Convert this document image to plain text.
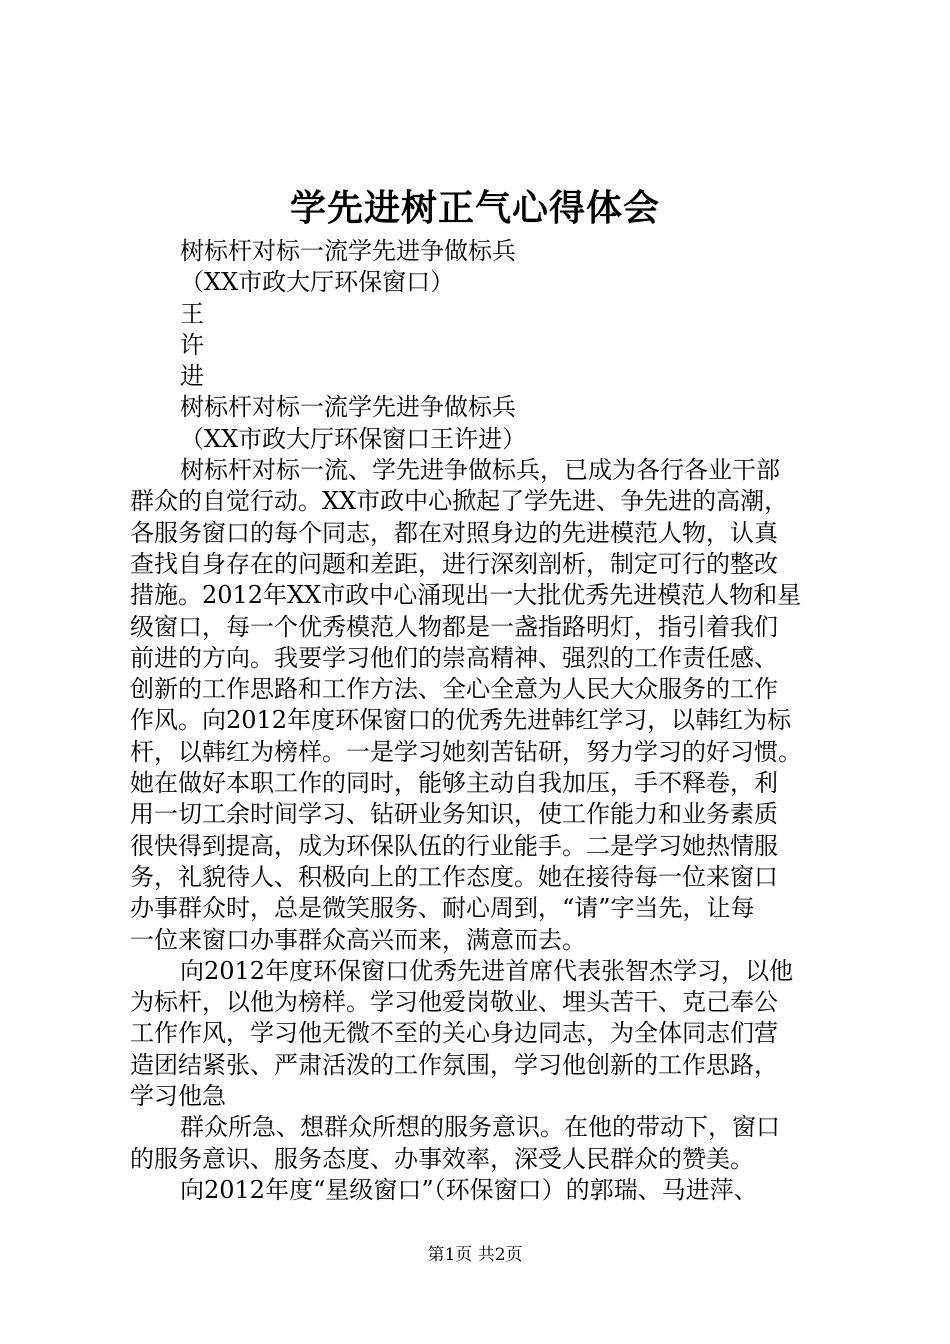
学先进树正气心得体会
树标杆对标一流学先进争做标兵
（XX市政大厅环保窗口）
王
许
进
树标杆对标一流学先进争做标兵
（XX市政大厅环保窗口王许进）
树标杆对标一流、学先进争做标兵，已成为各行各业干部
群众的自觉行动。XX市政中心掀起了学先进、争先进的高潮，
各服务窗口的每个同志，都在对照身边的先进模范人物，认真
查找自身存在的问题和差距，进行深刻剖析，制定可行的整改
措施。2012年XX市政中心涌现出一大批优秀先进模范人物和星
级窗口，每一个优秀模范人物都是一盏指路明灯，指引着我们
前进的方向。我要学习他们的崇高精神、强烈的工作责任感、
创新的工作思路和工作方法、全心全意为人民大众服务的工作
作风。向2012年度环保窗口的优秀先进韩红学习，以韩红为标
杆，以韩红为榜样。一是学习她刻苦钻研，努力学习的好习惯。
她在做好本职工作的同时，能够主动自我加压，手不释卷，利
用一切工余时间学习、钻研业务知识，使工作能力和业务素质
很快得到提高，成为环保队伍的行业能手。二是学习她热情服
务，礼貌待人、积极向上的工作态度。她在接待每一位来窗口
办事群众时，总是微笑服务、耐心周到，“请”字当先，让每
一位来窗口办事群众高兴而来，满意而去。
向2012年度环保窗口优秀先进首席代表张智杰学习，以他
为标杆，以他为榜样。学习他爱岗敬业、埋头苦干、克己奉公
工作作风，学习他无微不至的关心身边同志，为全体同志们营
造团结紧张、严肃活泼的工作氛围，学习他创新的工作思路，
学习他急
群众所急、想群众所想的服务意识。在他的带动下，窗口
的服务意识、服务态度、办事效率，深受人民群众的赞美。
向2012年度“星级窗口”（环保窗口）的郭瑞、马进萍、
第1页 共2页
